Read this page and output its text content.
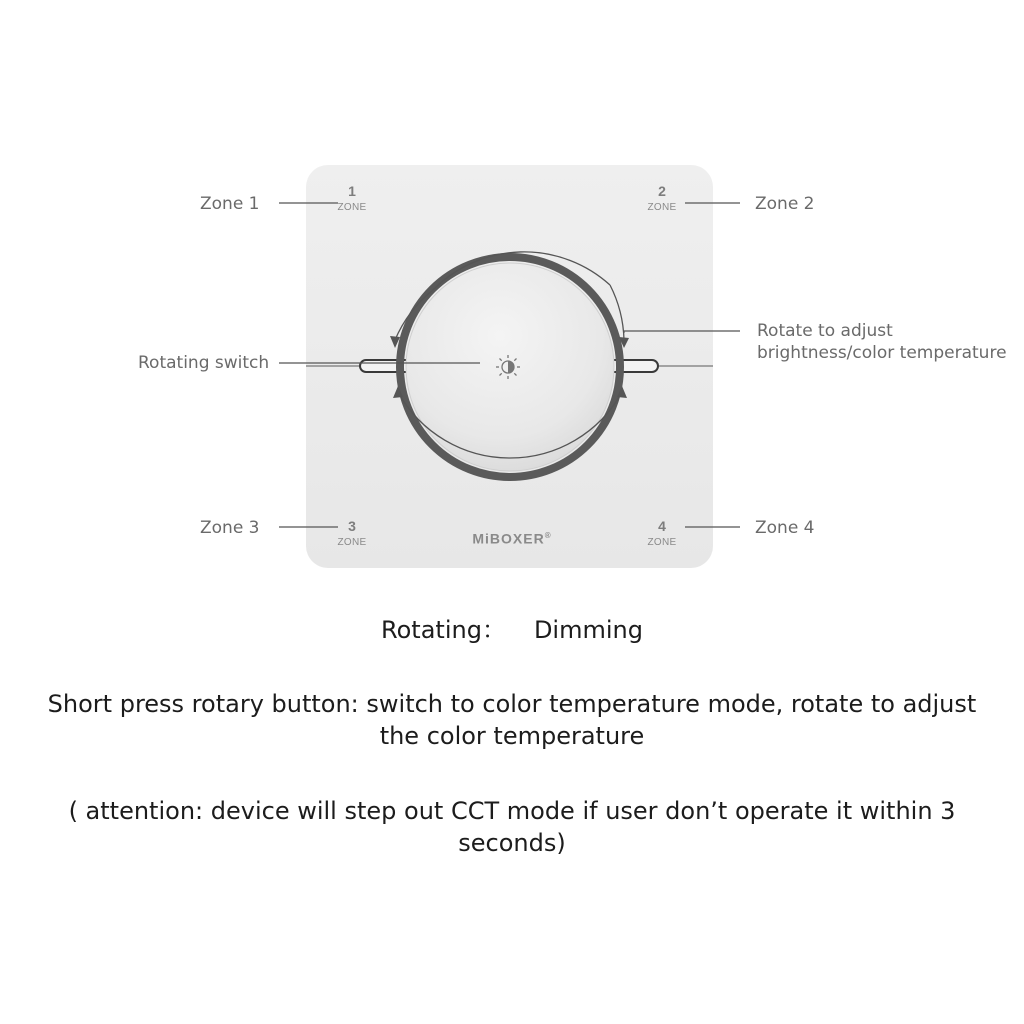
Zone 1	Zone 2
Zone 3	Zone 4
Rotating switch
Rotate to adjust
brightness/color temperature
1
ZONE
2
ZONE
3
ZONE
4
ZONE
MiBOXER®
Rotating： Dimming
Short press rotary button: switch to color temperature mode, rotate to adjust the color temperature
( attention: device will step out CCT mode if user don’t operate it within 3 seconds)
